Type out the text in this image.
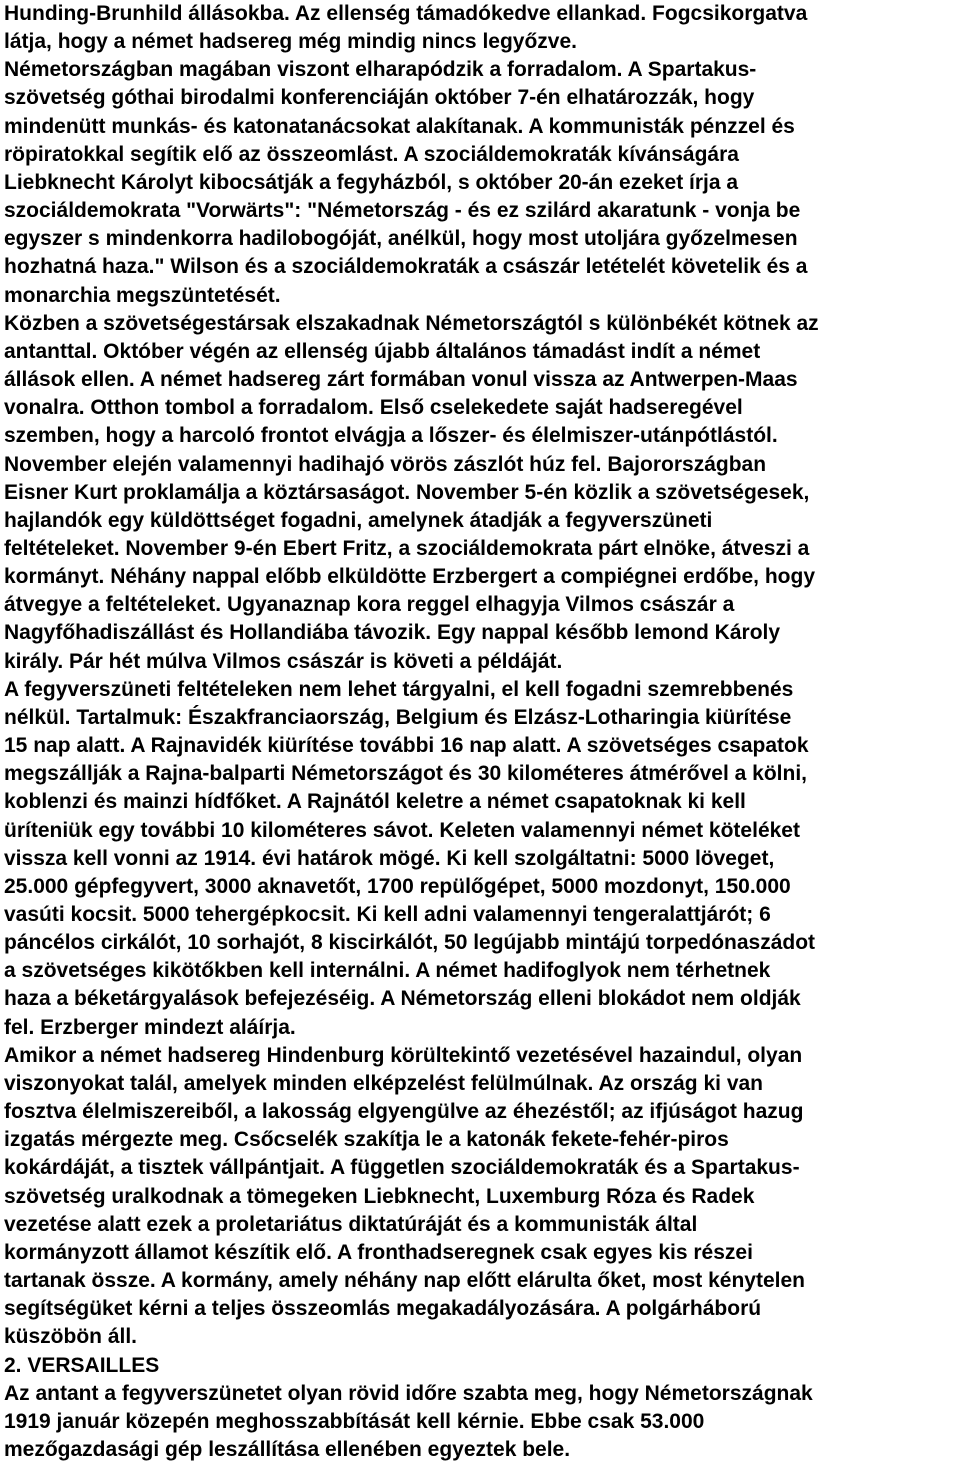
Hunding-Brunhild állásokba. Az ellenség támadókedve ellankad. Fogcsikorgatva
látja, hogy a német hadsereg még mindig nincs legyőzve.
Németországban magában viszont elharapódzik a forradalom. A Spartakus-
szövetség góthai birodalmi konferenciáján október 7-én elhatározzák, hogy
mindenütt munkás- és katonatanácsokat alakítanak. A kommunisták pénzzel és
röpiratokkal segítik elő az összeomlást. A szociáldemokraták kívánságára
Liebknecht Károlyt kibocsátják a fegyházból, s október 20-án ezeket írja a
szociáldemokrata "Vorwärts": "Németország - és ez szilárd akaratunk - vonja be
egyszer s mindenkorra hadilobogóját, anélkül, hogy most utoljára győzelmesen
hozhatná haza." Wilson és a szociáldemokraták a császár letételét követelik és a
monarchia megszüntetését.
Közben a szövetségestársak elszakadnak Németországtól s különbékét kötnek az
antanttal. Október végén az ellenség újabb általános támadást indít a német
állások ellen. A német hadsereg zárt formában vonul vissza az Antwerpen-Maas
vonalra. Otthon tombol a forradalom. Első cselekedete saját hadseregével
szemben, hogy a harcoló frontot elvágja a lőszer- és élelmiszer-utánpótlástól.
November elején valamennyi hadihajó vörös zászlót húz fel. Bajorországban
Eisner Kurt proklamálja a köztársaságot. November 5-én közlik a szövetségesek,
hajlandók egy küldöttséget fogadni, amelynek átadják a fegyverszüneti
feltételeket. November 9-én Ebert Fritz, a szociáldemokrata párt elnöke, átveszi a
kormányt. Néhány nappal előbb elküldötte Erzbergert a compiégnei erdőbe, hogy
átvegye a feltételeket. Ugyanaznap kora reggel elhagyja Vilmos császár a
Nagyfőhadiszállást és Hollandiába távozik. Egy nappal később lemond Károly
király. Pár hét múlva Vilmos császár is követi a példáját.
A fegyverszüneti feltételeken nem lehet tárgyalni, el kell fogadni szemrebbenés
nélkül. Tartalmuk: Északfranciaország, Belgium és Elzász-Lotharingia kiürítése
15 nap alatt. A Rajnavidék kiürítése további 16 nap alatt. A szövetséges csapatok
megszállják a Rajna-balparti Németországot és 30 kilométeres átmérővel a kölni,
koblenzi és mainzi hídfőket. A Rajnától keletre a német csapatoknak ki kell
üríteniük egy további 10 kilométeres sávot. Keleten valamennyi német köteléket
vissza kell vonni az 1914. évi határok mögé. Ki kell szolgáltatni: 5000 löveget,
25.000 gépfegyvert, 3000 aknavetőt, 1700 repülőgépet, 5000 mozdonyt, 150.000
vasúti kocsit. 5000 tehergépkocsit. Ki kell adni valamennyi tengeralattjárót; 6
páncélos cirkálót, 10 sorhajót, 8 kiscirkálót, 50 legújabb mintájú torpedónaszádot
a szövetséges kikötőkben kell internálni. A német hadifoglyok nem térhetnek
haza a béketárgyalások befejezéséig. A Németország elleni blokádot nem oldják
fel. Erzberger mindezt aláírja.
Amikor a német hadsereg Hindenburg körültekintő vezetésével hazaindul, olyan
viszonyokat talál, amelyek minden elképzelést felülmúlnak. Az ország ki van
fosztva élelmiszereiből, a lakosság elgyengülve az éhezéstől; az ifjúságot hazug
izgatás mérgezte meg. Csőcselék szakítja le a katonák fekete-fehér-piros
kokárdáját, a tisztek vállpántjait. A független szociáldemokraták és a Spartakus-
szövetség uralkodnak a tömegeken Liebknecht, Luxemburg Róza és Radek
vezetése alatt ezek a proletariátus diktatúráját és a kommunisták által
kormányzott államot készítik elő. A fronthadseregnek csak egyes kis részei
tartanak össze. A kormány, amely néhány nap előtt elárulta őket, most kénytelen
segítségüket kérni a teljes összeomlás megakadályozására. A polgárháború
küszöbön áll.
2. VERSAILLES
Az antant a fegyverszünetet olyan rövid időre szabta meg, hogy Németországnak
1919 január közepén meghosszabbítását kell kérnie. Ebbe csak 53.000
mezőgazdasági gép leszállítása ellenében egyeztek bele.
